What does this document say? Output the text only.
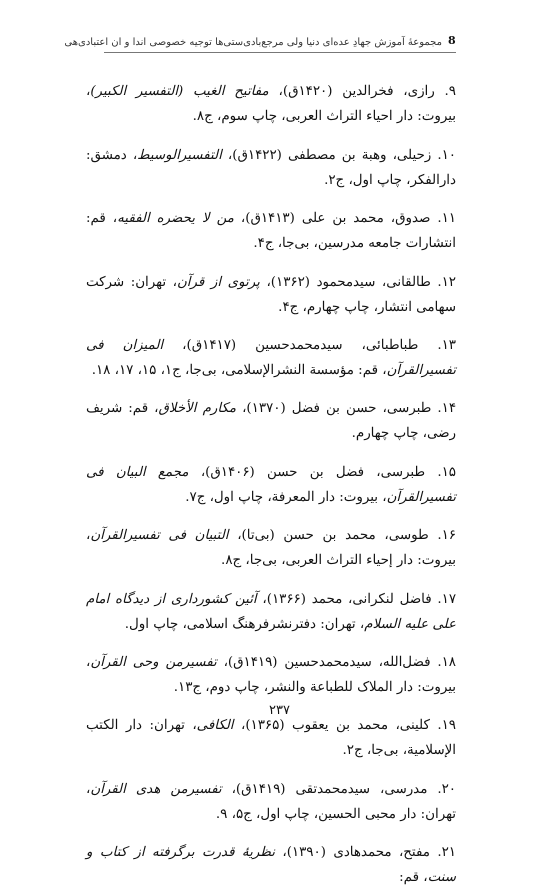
8
مجموعهٔ آموزش جهادِ عده‌ای دنیا ولی مرجع‌بادی‌ستی‌ها توجیه خصوصی اندا و ان اعتبادی‌هی

۹. رازی، فخرالدین (۱۴۲۰ق)، مفاتیح الغیب (التفسیر الکبیر)، بیروت: دار احیاء التراث العربی، چاپ سوم، ج۸.

۱۰. زحیلی، وهبة بن مصطفی (۱۴۲۲ق)، التفسیرالوسیط، دمشق: دارالفکر، چاپ اول، ج۲.

۱۱. صدوق، محمد بن علی (۱۴۱۳ق)، من لا یحضره الفقیه، قم: انتشارات جامعه مدرسین، بی‌جا، ج۴.

۱۲. طالقانی، سیدمحمود (۱۳۶۲)، پرتوی از قرآن، تهران: شرکت سهامی انتشار، چاپ چهارم، ج۴.

۱۳. طباطبائی، سیدمحمدحسین (۱۴۱۷ق)، المیزان فی تفسیرالقرآن، قم: مؤسسة النشرالإسلامی، بی‌جا، ج۱، ۱۵، ۱۷، ۱۸.

۱۴. طبرسی، حسن بن فضل (۱۳۷۰)، مکارم الأخلاق، قم: شریف رضی، چاپ چهارم.

۱۵. طبرسی، فضل بن حسن (۱۴۰۶ق)، مجمع البیان فی تفسیرالقرآن، بیروت: دار المعرفة، چاپ اول، ج۷.

۱۶. طوسی، محمد بن حسن (بی‌تا)، التبیان فی تفسیرالقرآن، بیروت: دار إحیاء التراث العربی، بی‌جا، ج۸.

۱۷. فاضل لنکرانی، محمد (۱۳۶۶)، آئین کشورداری از دیدگاه امام علی علیه السلام، تهران: دفترنشرفرهنگ اسلامی، چاپ اول.

۱۸. فضل‌الله، سیدمحمدحسین (۱۴۱۹ق)، تفسیرمن وحی القرآن، بیروت: دار الملاک للطباعة والنشر، چاپ دوم، ج۱۳.

۱۹. کلینی، محمد بن یعقوب (۱۳۶۵)، الکافی، تهران: دار الکتب الإسلامیة، بی‌جا، ج۲.

۲۰. مدرسی، سیدمحمدتقی (۱۴۱۹ق)، تفسیرمن هدی القرآن، تهران: دار محبی الحسین، چاپ اول، ج۵، ۹.

۲۱. مفتح، محمدهادی (۱۳۹۰)، نظریهٔ قدرت برگرفته از کتاب و سنت، قم:

۲۳۷
